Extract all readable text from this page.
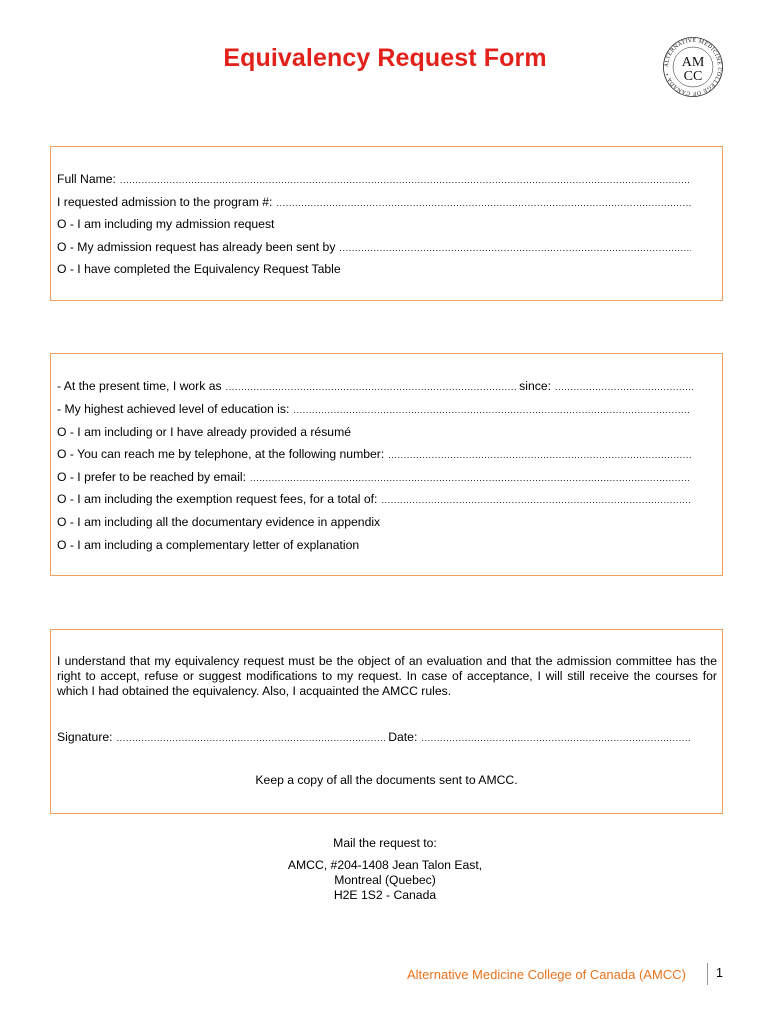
Equivalency Request Form	ALTERNATIVE MEDICINE COLLEGE OF CANADA •
AM
CC
Full Name:
.....
I requested admission to the program #:
.....
O - I am including my admission request
O - My admission request has already been sent by
.....
O - I have completed the Equivalency Request Table
- At the present time, I work as .....	since:
.....
- My highest achieved level of education is:
.....
O - I am including or I have already provided a résumé
O - You can reach me by telephone, at the following number:
.....
O - I prefer to be reached by email:
.....
O - I am including the exemption request fees, for a total of:
.....
O - I am including all the documentary evidence in appendix
O - I am including a complementary letter of explanation
I understand that my equivalency request must be the object of an evaluation and that the admission committee has the right to accept, refuse or suggest modifications to my request. In case of acceptance, I will still receive the courses for which I had obtained the equivalency. Also, I acquainted the AMCC rules.
Signature: .....	Date:
.....
Keep a copy of all the documents sent to AMCC.
Mail the request to:
AMCC, #204-1408 Jean Talon East,
Montreal (Quebec)
H2E 1S2 - Canada
Alternative Medicine College of Canada (AMCC) 1
